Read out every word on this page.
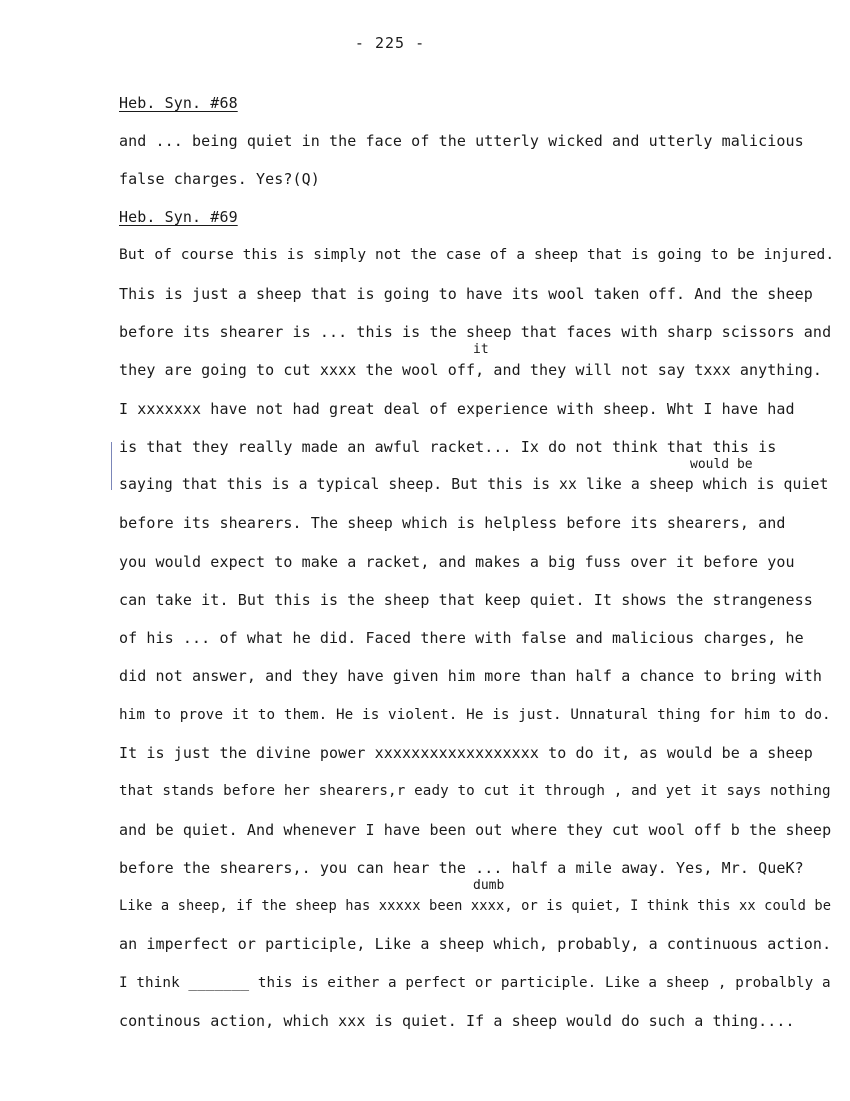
- 225 -
Heb. Syn. #68
and ... being quiet in the face of the utterly wicked and utterly malicious
false charges. Yes?(Q)
Heb. Syn. #69
But of course this is simply not the case of a sheep that is going to be injured.
This is just a sheep that is going to have its wool taken off. And the sheep
before its shearer is ... this is the sheep that faces with sharp scissors and
it
they are going to cut xxxx the wool off, and they will not say txxx anything.
I xxxxxxx have not had great deal of experience with sheep. Wht I have had
is that they really made an awful racket... Ix do not think that this is
would be
saying that this is a typical sheep. But this is xx like a sheep which is quiet
before its shearers. The sheep which is helpless before its shearers, and
you would expect to make a racket, and makes a big fuss over it before you
can take it. But this is the sheep that keep quiet. It shows the strangeness
of his ... of what he did. Faced there with false and malicious charges, he
did not answer, and they have given him more than half a chance to bring with
him to prove it to them. He is violent. He is just. Unnatural thing for him to do.
It is just the divine power xxxxxxxxxxxxxxxxxx to do it, as would be a sheep
that stands before her shearers,r eady to cut it through , and yet it says nothing
and be quiet. And whenever I have been out where they cut wool off b the sheep
before the shearers,. you can hear the ... half a mile away. Yes, Mr. QueK?
dumb
Like a sheep, if the sheep has xxxxx been xxxx, or is quiet, I think this xx could be
an imperfect or participle, Like a sheep which, probably, a continuous action.
I think _______ this is either a perfect or participle. Like a sheep , probalbly a
continous action, which xxx is quiet. If a sheep would do such a thing....
